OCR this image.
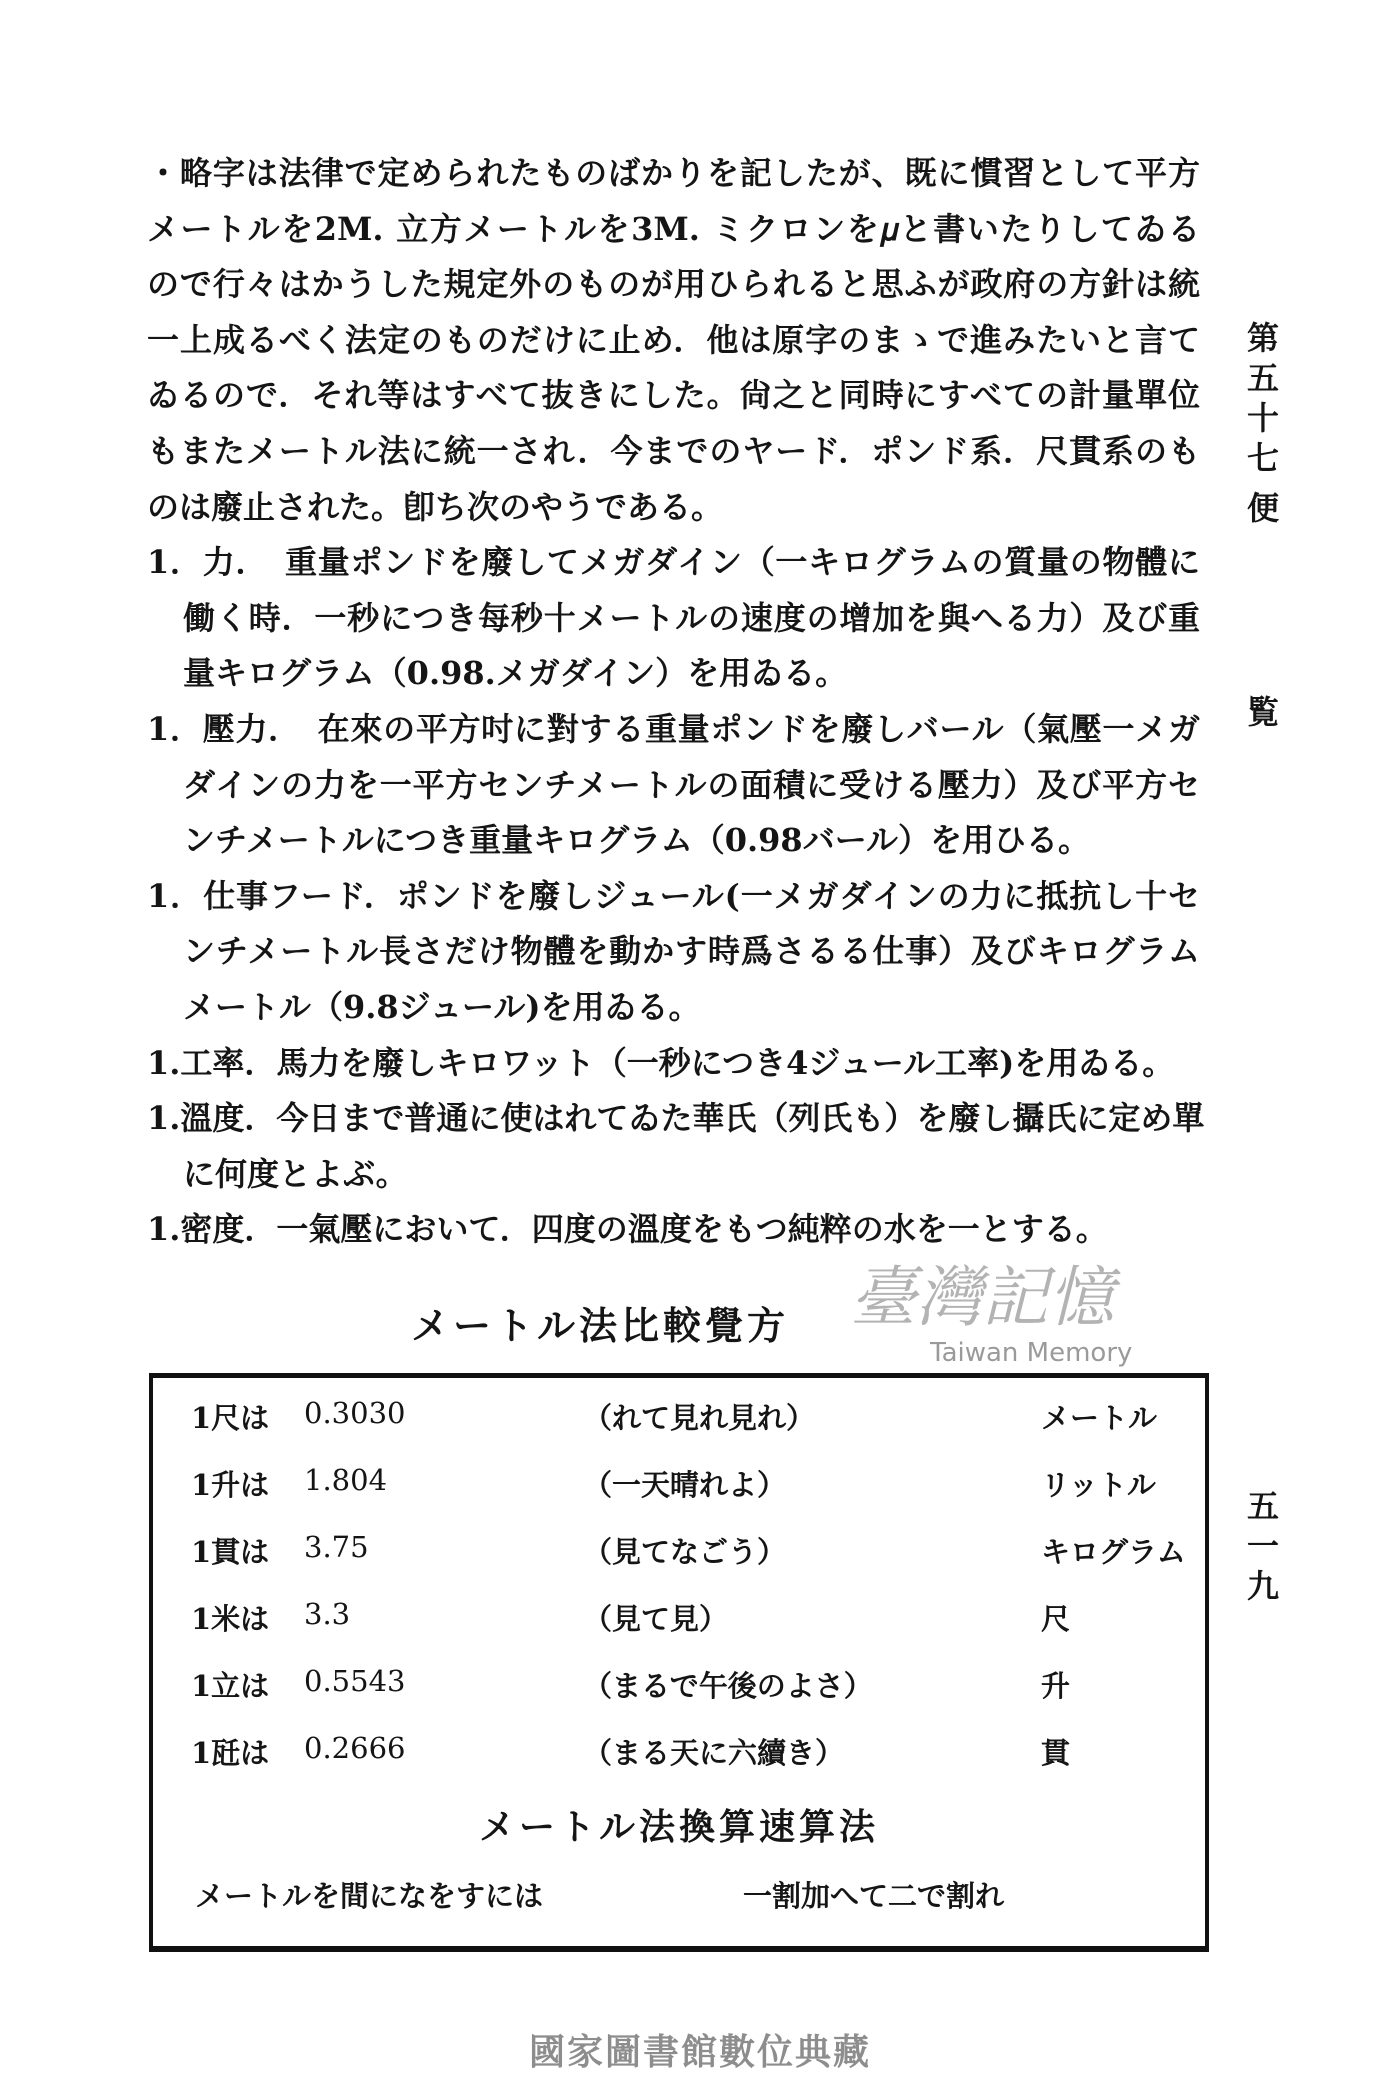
・略字は法律で定められたものばかりを記したが、既に慣習として平方
メートルを2M. 立方メートルを3M. ミクロンを𝜇と書いたりしてゐる
ので行々はかうした規定外のものが用ひられると思ふが政府の方針は統
一上成るべく法定のものだけに止め．他は原字のまゝで進みたいと言て
ゐるので．それ等はすべて抜きにした。尙之と同時にすべての計量單位
もまたメートル法に統一され．今までのヤード．ポンド系．尺貫系のも
のは廢止された。卽ち次のやうである。
1．力．　重量ポンドを廢してメガダイン（一キログラムの質量の物體に
働く時．一秒につき每秒十メートルの速度の增加を與へる力）及び重
量キログラム（0.98.メガダイン）を用ゐる。
1．壓力．　在來の平方吋に對する重量ポンドを廢しバール（氣壓一メガ
ダインの力を一平方センチメートルの面積に受ける壓力）及び平方セ
ンチメートルにつき重量キログラム（0.98バール）を用ひる。
1．仕事フード．ポンドを廢しジュール(一メガダインの力に抵抗し十セ
ンチメートル長さだけ物體を動かす時爲さるる仕事）及びキログラム
メートル（9.8ジュール)を用ゐる。
1.工率．馬力を廢しキロワット（一秒につき4ジュール工率)を用ゐる。
1.溫度．今日まで普通に使はれてゐた華氏（列氏も）を廢し攝氏に定め單
に何度とよぶ。
1.密度．一氣壓において．四度の溫度をもつ純粹の水を一とする。
第
五
十
七
便
覧
五
一
九
メートル法比較覺方
1尺は 0.3030	（れて見れ見れ）	メートル
1升は 1.804	（一天晴れよ）	リットル
1貫は 3.75	（見てなごう）	キログラム
1米は 3.3	（見て見）	尺
1立は 0.5543	（まるで午後のよさ）	升
1瓩は 0.2666	（まる天に六續き）	貫
メートル法換算速算法
メートルを間になをすには	一割加へて二で割れ
臺灣記憶
Taiwan Memory
國家圖書館數位典藏
